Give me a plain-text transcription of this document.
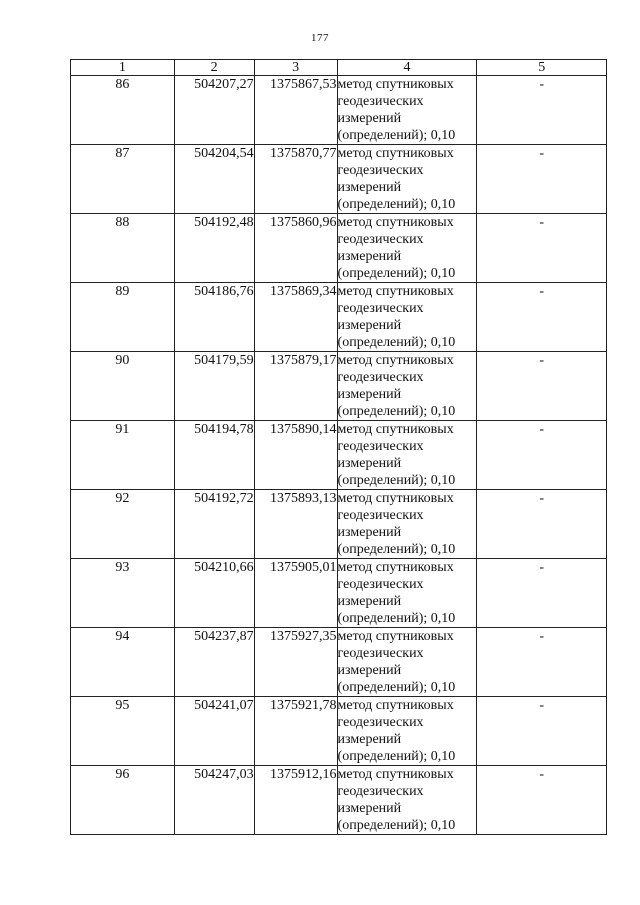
177
1	2	3	4	5
86	504207,27	1375867,53	метод спутниковых
геодезических
измерений
(определений); 0,10	-
87	504204,54	1375870,77	метод спутниковых
геодезических
измерений
(определений); 0,10	-
88	504192,48	1375860,96	метод спутниковых
геодезических
измерений
(определений); 0,10	-
89	504186,76	1375869,34	метод спутниковых
геодезических
измерений
(определений); 0,10	-
90	504179,59	1375879,17	метод спутниковых
геодезических
измерений
(определений); 0,10	-
91	504194,78	1375890,14	метод спутниковых
геодезических
измерений
(определений); 0,10	-
92	504192,72	1375893,13	метод спутниковых
геодезических
измерений
(определений); 0,10	-
93	504210,66	1375905,01	метод спутниковых
геодезических
измерений
(определений); 0,10	-
94	504237,87	1375927,35	метод спутниковых
геодезических
измерений
(определений); 0,10	-
95	504241,07	1375921,78	метод спутниковых
геодезических
измерений
(определений); 0,10	-
96	504247,03	1375912,16	метод спутниковых
геодезических
измерений
(определений); 0,10	-
